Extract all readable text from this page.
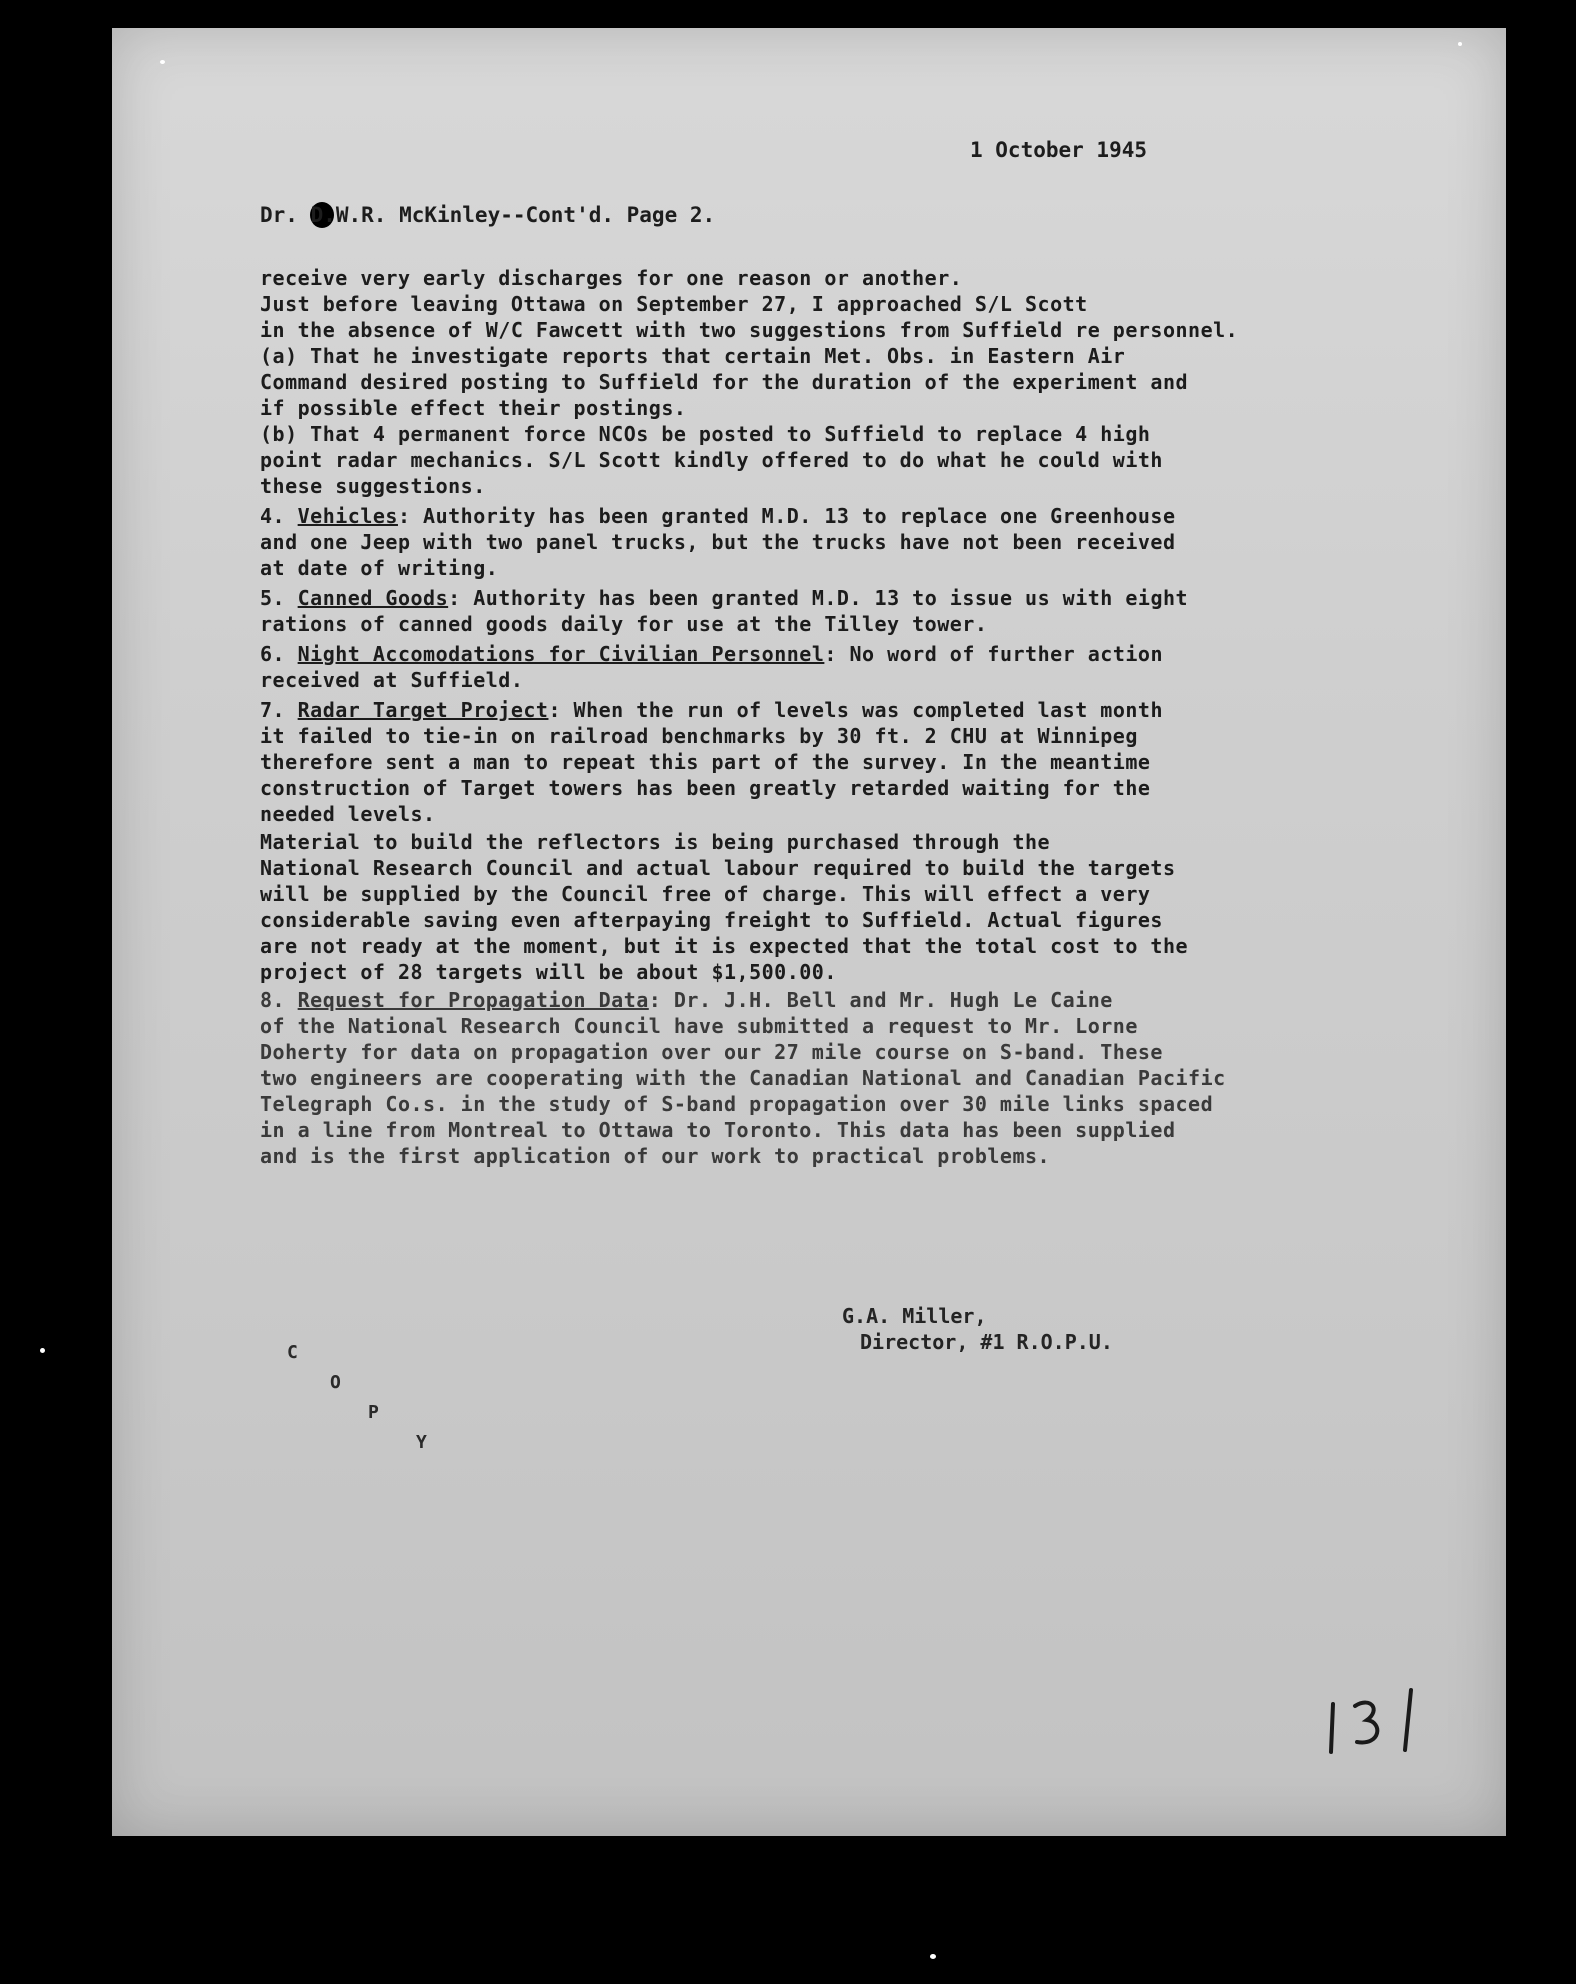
1 October 1945
Dr. D.W.R. McKinley--Cont'd. Page 2.
receive very early discharges for one reason or another.
Just before leaving Ottawa on September 27, I approached S/L Scott
in the absence of W/C Fawcett with two suggestions from Suffield re personnel.
(a) That he investigate reports that certain Met. Obs. in Eastern Air
Command desired posting to Suffield for the duration of the experiment and
if possible effect their postings.
(b) That 4 permanent force NCOs be posted to Suffield to replace 4 high
point radar mechanics. S/L Scott kindly offered to do what he could with
these suggestions.
4. Vehicles: Authority has been granted M.D. 13 to replace one Greenhouse
and one Jeep with two panel trucks, but the trucks have not been received
at date of writing.
5. Canned Goods: Authority has been granted M.D. 13 to issue us with eight
rations of canned goods daily for use at the Tilley tower.
6. Night Accomodations for Civilian Personnel: No word of further action
received at Suffield.
7. Radar Target Project: When the run of levels was completed last month
it failed to tie-in on railroad benchmarks by 30 ft. 2 CHU at Winnipeg
therefore sent a man to repeat this part of the survey. In the meantime
construction of Target towers has been greatly retarded waiting for the
needed levels.
Material to build the reflectors is being purchased through the
National Research Council and actual labour required to build the targets
will be supplied by the Council free of charge. This will effect a very
considerable saving even afterpaying freight to Suffield. Actual figures
are not ready at the moment, but it is expected that the total cost to the
project of 28 targets will be about $1,500.00.
8. Request for Propagation Data: Dr. J.H. Bell and Mr. Hugh Le Caine
of the National Research Council have submitted a request to Mr. Lorne
Doherty for data on propagation over our 27 mile course on S-band. These
two engineers are cooperating with the Canadian National and Canadian Pacific
Telegraph Co.s. in the study of S-band propagation over 30 mile links spaced
in a line from Montreal to Ottawa to Toronto. This data has been supplied
and is the first application of our work to practical problems.
G.A. Miller,
Director, #1 R.O.P.U.
C
O
P
Y
